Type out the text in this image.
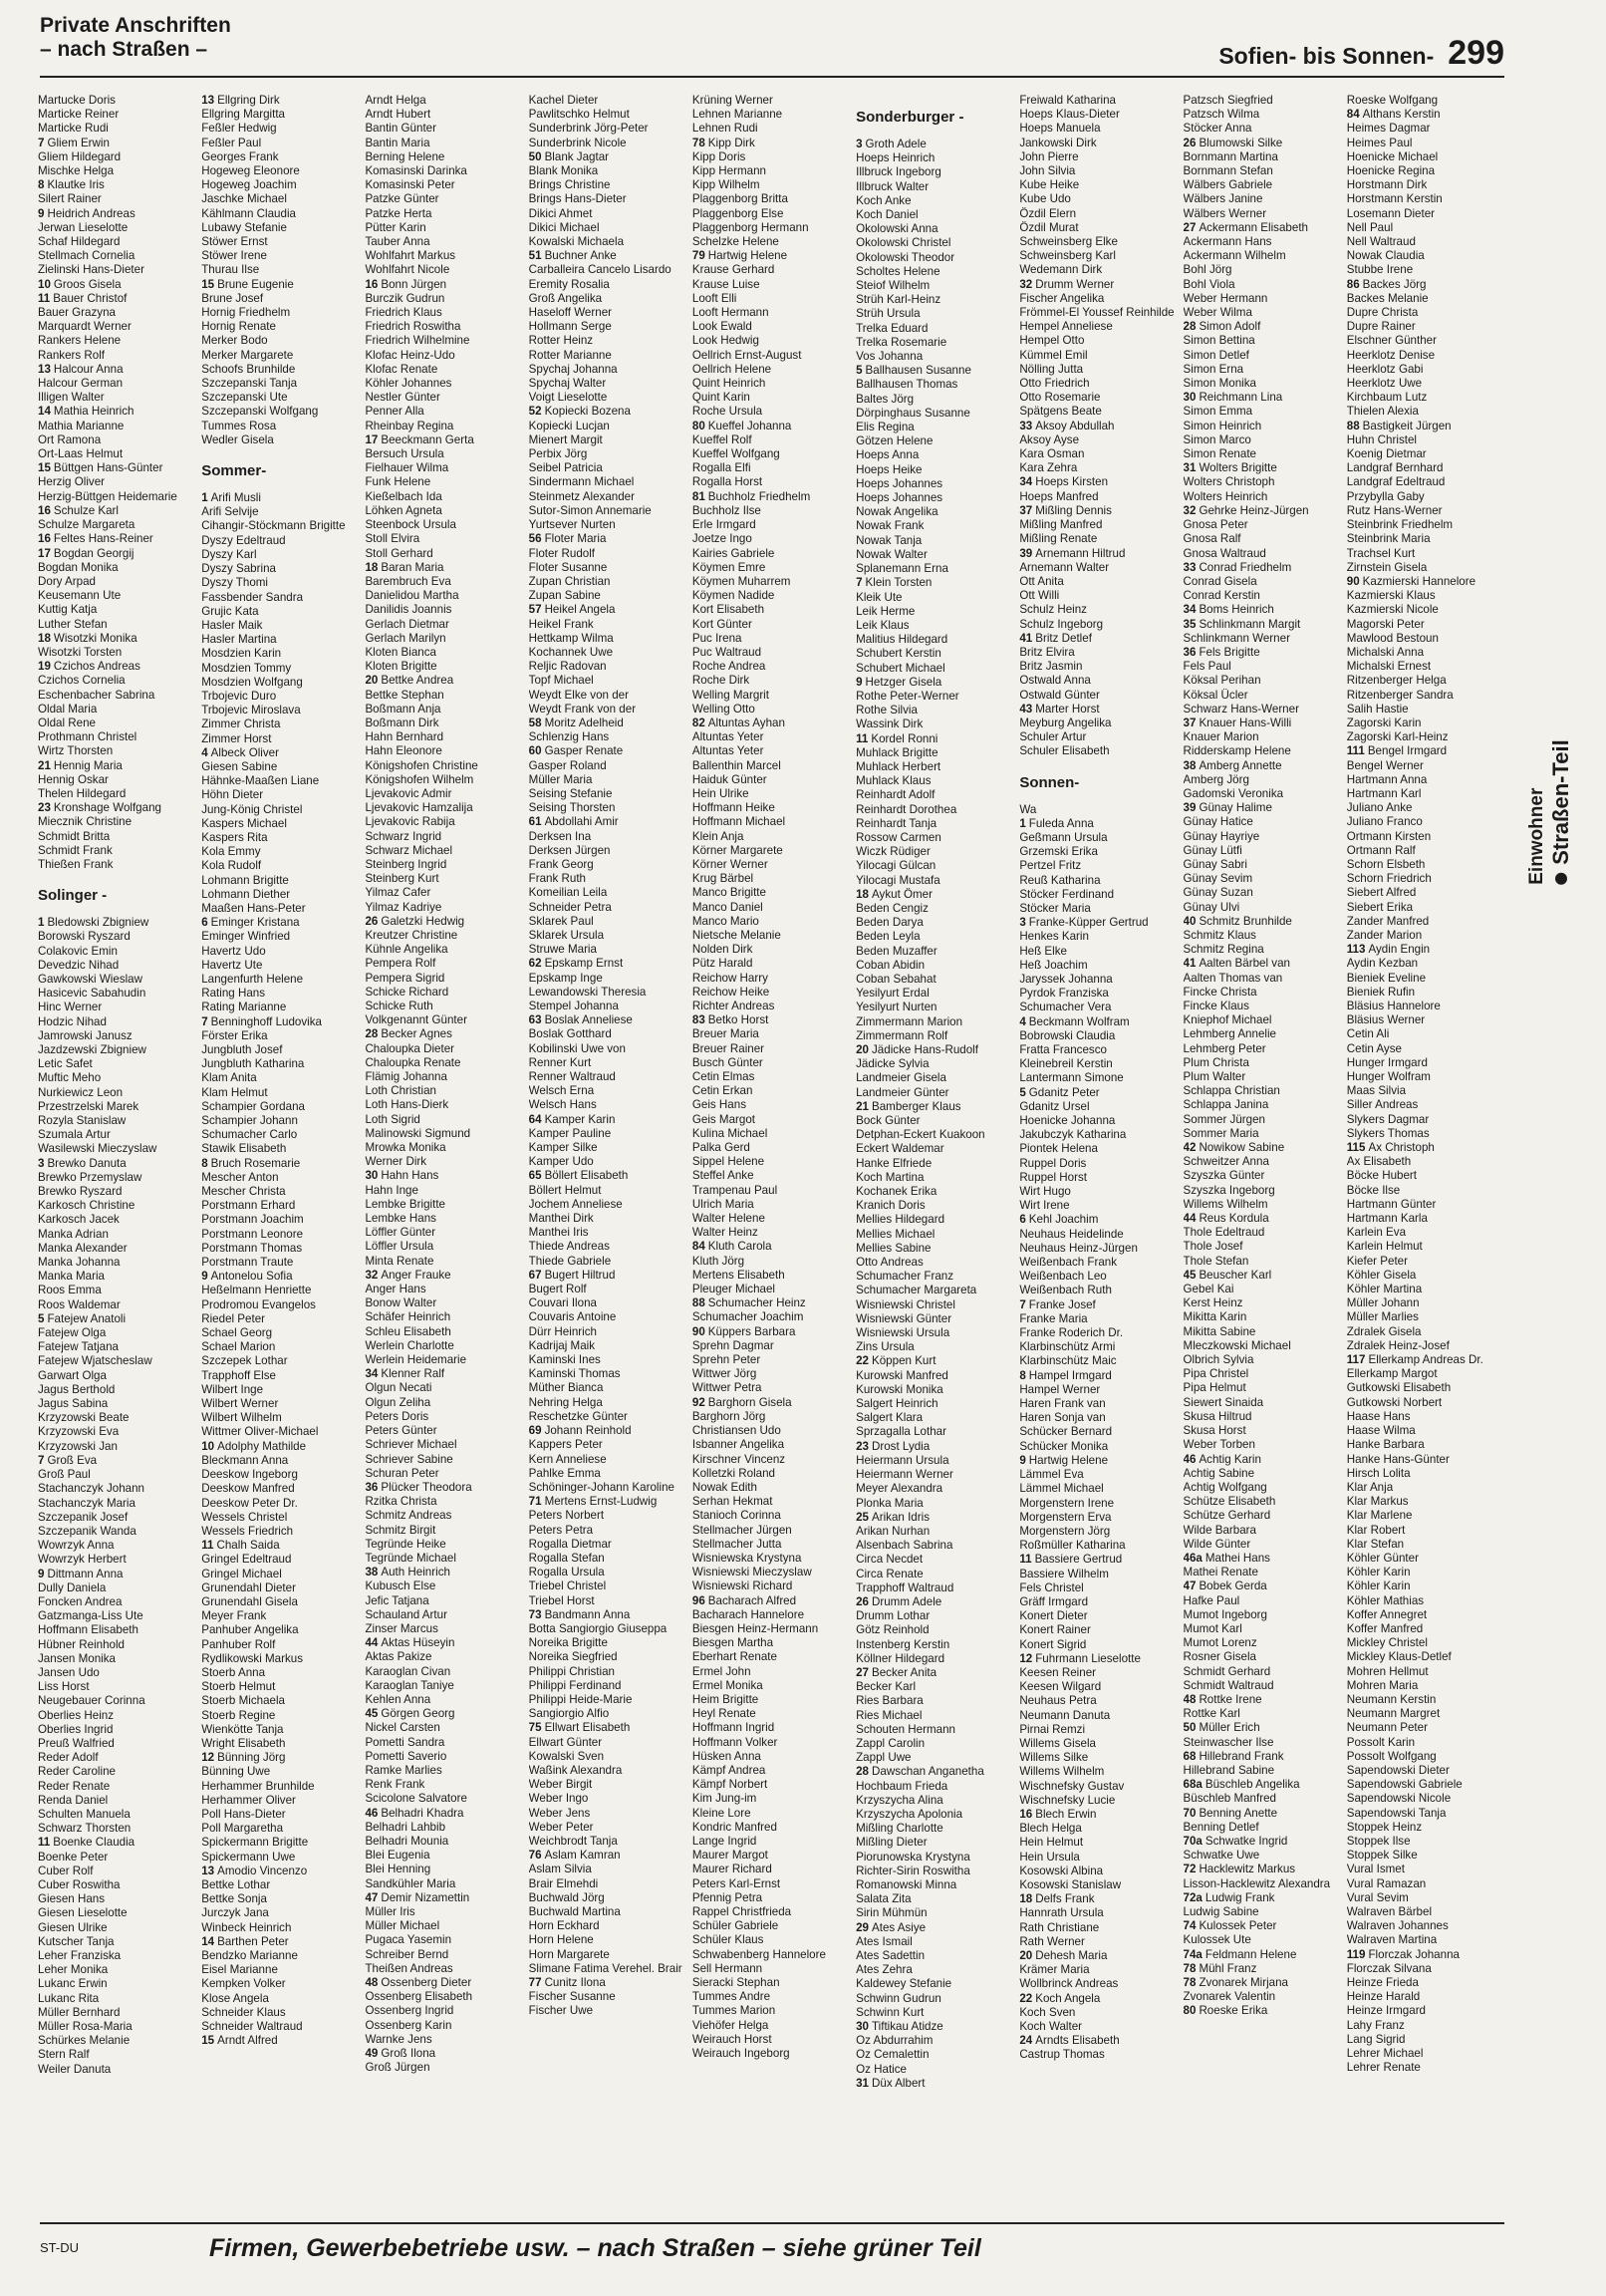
Private Anschriften
– nach Straßen –	Sofien- bis Sonnen- 299
Martucke Doris
Marticke Reiner
Marticke Rudi
7 Gliem Erwin
Gliem Hildegard
Mischke Helga
8 Klautke Iris
Silert Rainer
9 Heidrich Andreas
Jerwan Lieselotte
Schaf Hildegard
Stellmach Cornelia
Zielinski Hans-Dieter
10 Groos Gisela
11 Bauer Christof
Bauer Grazyna
Marquardt Werner
Rankers Helene
Rankers Rolf
13 Halcour Anna
Halcour German
Illigen Walter
14 Mathia Heinrich
Mathia Marianne
Ort Ramona
Ort-Laas Helmut
15 Büttgen Hans-Günter
Herzig Oliver
Herzig-Büttgen Heidemarie
16 Schulze Karl
Schulze Margareta
16 Feltes Hans-Reiner
17 Bogdan Georgij
Bogdan Monika
Dory Arpad
Keusemann Ute
Kuttig Katja
Luther Stefan
18 Wisotzki Monika
Wisotzki Torsten
19 Czichos Andreas
Czichos Cornelia
Eschenbacher Sabrina
Oldal Maria
Oldal Rene
Prothmann Christel
Wirtz Thorsten
21 Hennig Maria
Hennig Oskar
Thelen Hildegard
23 Kronshage Wolfgang
Miecznik Christine
Schmidt Britta
Schmidt Frank
Thießen Frank
Solinger -
1 Bledowski Zbigniew
Borowski Ryszard
Colakovic Emin
Devedzic Nihad
Gawkowski Wieslaw
Hasicevic Sabahudin
Hinc Werner
Hodzic Nihad
Jamrowski Janusz
Jazdzewski Zbigniew
Letic Safet
Muftic Meho
Nurkiewicz Leon
Przestrzelski Marek
Rozyla Stanislaw
Szumala Artur
Wasilewski Mieczyslaw
3 Brewko Danuta
Brewko Przemyslaw
Brewko Ryszard
Karkosch Christine
Karkosch Jacek
Manka Adrian
Manka Alexander
Manka Johanna
Manka Maria
Roos Emma
Roos Waldemar
5 Fatejew Anatoli
Fatejew Olga
Fatejew Tatjana
Fatejew Wjatscheslaw
Garwart Olga
Jagus Berthold
Jagus Sabina
Krzyzowski Beate
Krzyzowski Eva
Krzyzowski Jan
7 Groß Eva
Groß Paul
Stachanczyk Johann
Stachanczyk Maria
Szczepanik Josef
Szczepanik Wanda
Wowrzyk Anna
Wowrzyk Herbert
9 Dittmann Anna
Dully Daniela
Foncken Andrea
Gatzmanga-Liss Ute
Hoffmann Elisabeth
Hübner Reinhold
Jansen Monika
Jansen Udo
Liss Horst
Neugebauer Corinna
Oberlies Heinz
Oberlies Ingrid
Preuß Walfried
Reder Adolf
Reder Caroline
Reder Renate
Renda Daniel
Schulten Manuela
Schwarz Thorsten
11 Boenke Claudia
Boenke Peter
Cuber Rolf
Cuber Roswitha
Giesen Hans
Giesen Lieselotte
Giesen Ulrike
Kutscher Tanja
Leher Franziska
Leher Monika
Lukanc Erwin
Lukanc Rita
Müller Bernhard
Müller Rosa-Maria
Schürkes Melanie
Stern Ralf
Weiler Danuta
13 Ellgring Dirk
Ellgring Margitta
Feßler Hedwig
Feßler Paul
Georges Frank
Hogeweg Eleonore
Hogeweg Joachim
Jaschke Michael
Kählmann Claudia
Lubawy Stefanie
Stöwer Ernst
Stöwer Irene
Thurau Ilse
15 Brune Eugenie
Brune Josef
Hornig Friedhelm
Hornig Renate
Merker Bodo
Merker Margarete
Schoofs Brunhilde
Szczepanski Tanja
Szczepanski Ute
Szczepanski Wolfgang
Tummes Rosa
Wedler Gisela
Sommer-
1 Arifi Musli
Arifi Selvije
Cihangir-Stöckmann Brigitte
Dyszy Edeltraud
Dyszy Karl
Dyszy Sabrina
Dyszy Thomi
Fassbender Sandra
Grujic Kata
Hasler Maik
Hasler Martina
Mosdzien Karin
Mosdzien Tommy
Mosdzien Wolfgang
Trbojevic Duro
Trbojevic Miroslava
Zimmer Christa
Zimmer Horst
4 Albeck Oliver
Giesen Sabine
Hähnke-Maaßen Liane
Höhn Dieter
Jung-König Christel
Kaspers Michael
Kaspers Rita
Kola Emmy
Kola Rudolf
Lohmann Brigitte
Lohmann Diether
Maaßen Hans-Peter
6 Eminger Kristana
Eminger Winfried
Havertz Udo
Havertz Ute
Langenfurth Helene
Rating Hans
Rating Marianne
7 Benninghoff Ludovika
Förster Erika
Jungbluth Josef
Jungbluth Katharina
Klam Anita
Klam Helmut
Schampier Gordana
Schampier Johann
Schumacher Carlo
Stawik Elisabeth
8 Bruch Rosemarie
Mescher Anton
Mescher Christa
Porstmann Erhard
Porstmann Joachim
Porstmann Leonore
Porstmann Thomas
Porstmann Traute
9 Antonelou Sofia
Heßelmann Henriette
Prodromou Evangelos
Riedel Peter
Schael Georg
Schael Marion
Szczepek Lothar
Trapphoff Else
Wilbert Inge
Wilbert Werner
Wilbert Wilhelm
Wittmer Oliver-Michael
10 Adolphy Mathilde
Bleckmann Anna
Deeskow Ingeborg
Deeskow Manfred
Deeskow Peter Dr.
Wessels Christel
Wessels Friedrich
11 Chalh Saida
Gringel Edeltraud
Gringel Michael
Grunendahl Dieter
Grunendahl Gisela
Meyer Frank
Panhuber Angelika
Panhuber Rolf
Rydlikowski Markus
Stoerb Anna
Stoerb Helmut
Stoerb Michaela
Stoerb Regine
Wienkötte Tanja
Wright Elisabeth
12 Bünning Jörg
Bünning Uwe
Herhammer Brunhilde
Herhammer Oliver
Poll Hans-Dieter
Poll Margaretha
Spickermann Brigitte
Spickermann Uwe
13 Amodio Vincenzo
Bettke Lothar
Bettke Sonja
Jurczyk Jana
Winbeck Heinrich
14 Barthen Peter
Bendzko Marianne
Eisel Marianne
Kempken Volker
Klose Angela
Schneider Klaus
Schneider Waltraud
15 Arndt Alfred
Arndt Helga
Arndt Hubert
Bantin Günter
Bantin Maria
Berning Helene
Komasinski Darinka
Komasinski Peter
Patzke Günter
Patzke Herta
Pütter Karin
Tauber Anna
Wohlfahrt Markus
Wohlfahrt Nicole
16 Bonn Jürgen
Burczik Gudrun
Friedrich Klaus
Friedrich Roswitha
Friedrich Wilhelmine
Klofac Heinz-Udo
Klofac Renate
Köhler Johannes
Nestler Günter
Penner Alla
Rheinbay Regina
17 Beeckmann Gerta
Bersuch Ursula
Fielhauer Wilma
Funk Helene
Kießelbach Ida
Löhken Agneta
Steenbock Ursula
Stoll Elvira
Stoll Gerhard
18 Baran Maria
Barembruch Eva
Danielidou Martha
Danilidis Joannis
Gerlach Dietmar
Gerlach Marilyn
Kloten Bianca
Kloten Brigitte
20 Bettke Andrea
Bettke Stephan
Boßmann Anja
Boßmann Dirk
Hahn Bernhard
Hahn Eleonore
Königshofen Christine
Königshofen Wilhelm
Ljevakovic Admir
Ljevakovic Hamzalija
Ljevakovic Rabija
Schwarz Ingrid
Schwarz Michael
Steinberg Ingrid
Steinberg Kurt
Yilmaz Cafer
Yilmaz Kadriye
26 Galetzki Hedwig
Kreutzer Christine
Kühnle Angelika
Pempera Rolf
Pempera Sigrid
Schicke Richard
Schicke Ruth
Volkgenannt Günter
28 Becker Agnes
Chaloupka Dieter
Chaloupka Renate
Flämig Johanna
Loth Christian
Loth Hans-Dierk
Loth Sigrid
Malinowski Sigmund
Mrowka Monika
Werner Dirk
30 Hahn Hans
Hahn Inge
Lembke Brigitte
Lembke Hans
Löffler Günter
Löffler Ursula
Minta Renate
32 Anger Frauke
Anger Hans
Bonow Walter
Schäfer Heinrich
Schleu Elisabeth
Werlein Charlotte
Werlein Heidemarie
34 Klenner Ralf
Olgun Necati
Olgun Zeliha
Peters Doris
Peters Günter
Schriever Michael
Schriever Sabine
Schuran Peter
36 Plücker Theodora
Rzitka Christa
Schmitz Andreas
Schmitz Birgit
Tegründe Heike
Tegründe Michael
38 Auth Heinrich
Kubusch Else
Jefic Tatjana
Schauland Artur
Zinser Marcus
44 Aktas Hüseyin
Aktas Pakize
Karaoglan Civan
Karaoglan Taniye
Kehlen Anna
45 Görgen Georg
Nickel Carsten
Pometti Sandra
Pometti Saverio
Ramke Marlies
Renk Frank
Scicolone Salvatore
46 Belhadri Khadra
Belhadri Lahbib
Belhadri Mounia
Blei Eugenia
Blei Henning
Sandkühler Maria
47 Demir Nizamettin
Müller Iris
Müller Michael
Pugaca Yasemin
Schreiber Bernd
Theißen Andreas
48 Ossenberg Dieter
Ossenberg Elisabeth
Ossenberg Ingrid
Ossenberg Karin
Warnke Jens
49 Groß Ilona
Groß Jürgen
Kachel Dieter
Pawlitschko Helmut
Sunderbrink Jörg-Peter
Sunderbrink Nicole
50 Blank Jagtar
Blank Monika
Brings Christine
Brings Hans-Dieter
Dikici Ahmet
Dikici Michael
Kowalski Michaela
51 Buchner Anke
Carballeira Cancelo Lisardo
Eremity Rosalia
Groß Angelika
Haseloff Werner
Hollmann Serge
Rotter Heinz
Rotter Marianne
Spychaj Johanna
Spychaj Walter
Voigt Lieselotte
52 Kopiecki Bozena
Kopiecki Lucjan
Mienert Margit
Perbix Jörg
Seibel Patricia
Sindermann Michael
Steinmetz Alexander
Sutor-Simon Annemarie
Yurtsever Nurten
56 Floter Maria
Floter Rudolf
Floter Susanne
Zupan Christian
Zupan Sabine
57 Heikel Angela
Heikel Frank
Hettkamp Wilma
Kochannek Uwe
Reljic Radovan
Topf Michael
Weydt Elke von der
Weydt Frank von der
58 Moritz Adelheid
Schlenzig Hans
60 Gasper Renate
Gasper Roland
Müller Maria
Seising Stefanie
Seising Thorsten
61 Abdollahi Amir
Derksen Ina
Derksen Jürgen
Frank Georg
Frank Ruth
Komeilian Leila
Schneider Petra
Sklarek Paul
Sklarek Ursula
Struwe Maria
62 Epskamp Ernst
Epskamp Inge
Lewandowski Theresia
Stempel Johanna
63 Boslak Anneliese
Boslak Gotthard
Kobilinski Uwe von
Renner Kurt
Renner Waltraud
Welsch Erna
Welsch Hans
64 Kamper Karin
Kamper Pauline
Kamper Silke
Kamper Udo
65 Böllert Elisabeth
Böllert Helmut
Jochem Anneliese
Manthei Dirk
Manthei Iris
Thiede Andreas
Thiede Gabriele
67 Bugert Hiltrud
Bugert Rolf
Couvari Ilona
Couvaris Antoine
Dürr Heinrich
Kadrijaj Maik
Kaminski Ines
Kaminski Thomas
Müther Bianca
Nehring Helga
Reschetzke Günter
69 Johann Reinhold
Kappers Peter
Kern Anneliese
Pahlke Emma
Schöninger-Johann Karoline
71 Mertens Ernst-Ludwig
Peters Norbert
Peters Petra
Rogalla Dietmar
Rogalla Stefan
Rogalla Ursula
Triebel Christel
Triebel Horst
73 Bandmann Anna
Botta Sangiorgio Giuseppa
Noreika Brigitte
Noreika Siegfried
Philippi Christian
Philippi Ferdinand
Philippi Heide-Marie
Sangiorgio Alfio
75 Ellwart Elisabeth
Ellwart Günter
Kowalski Sven
Waßink Alexandra
Weber Birgit
Weber Ingo
Weber Jens
Weber Peter
Weichbrodt Tanja
76 Aslam Kamran
Aslam Silvia
Brair Elmehdi
Buchwald Jörg
Buchwald Martina
Horn Eckhard
Horn Helene
Horn Margarete
Slimane Fatima Verehel. Brair
77 Cunitz Ilona
Fischer Susanne
Fischer Uwe
Krüning Werner
Lehnen Marianne
Lehnen Rudi
78 Kipp Dirk
Kipp Doris
Kipp Hermann
Kipp Wilhelm
Plaggenborg Britta
Plaggenborg Else
Plaggenborg Hermann
Schelzke Helene
79 Hartwig Helene
Krause Gerhard
Krause Luise
Looft Elli
Looft Hermann
Look Ewald
Look Hedwig
Oellrich Ernst-August
Oellrich Helene
Quint Heinrich
Quint Karin
Roche Ursula
80 Kueffel Johanna
Kueffel Rolf
Kueffel Wolfgang
Rogalla Elfi
Rogalla Horst
81 Buchholz Friedhelm
Buchholz Ilse
Erle Irmgard
Joetze Ingo
Kairies Gabriele
Köymen Emre
Köymen Muharrem
Köymen Nadide
Kort Elisabeth
Kort Günter
Puc Irena
Puc Waltraud
Roche Andrea
Roche Dirk
Welling Margrit
Welling Otto
82 Altuntas Ayhan
Altuntas Yeter
Altuntas Yeter
Ballenthin Marcel
Haiduk Günter
Hein Ulrike
Hoffmann Heike
Hoffmann Michael
Klein Anja
Körner Margarete
Körner Werner
Krug Bärbel
Manco Brigitte
Manco Daniel
Manco Mario
Nietsche Melanie
Nolden Dirk
Pütz Harald
Reichow Harry
Reichow Heike
Richter Andreas
83 Betko Horst
Breuer Maria
Breuer Rainer
Busch Günter
Cetin Elmas
Cetin Erkan
Geis Hans
Geis Margot
Kulina Michael
Palka Gerd
Sippel Helene
Steffel Anke
Trampenau Paul
Ulrich Maria
Walter Helene
Walter Heinz
84 Kluth Carola
Kluth Jörg
Mertens Elisabeth
Pleuger Michael
88 Schumacher Heinz
Schumacher Joachim
90 Küppers Barbara
Sprehn Dagmar
Sprehn Peter
Wittwer Jörg
Wittwer Petra
92 Barghorn Gisela
Barghorn Jörg
Christiansen Udo
Isbanner Angelika
Kirschner Vincenz
Kolletzki Roland
Nowak Edith
Serhan Hekmat
Stanioch Corinna
Stellmacher Jürgen
Stellmacher Jutta
Wisniewska Krystyna
Wisniewski Mieczyslaw
Wisniewski Richard
96 Bacharach Alfred
Bacharach Hannelore
Biesgen Heinz-Hermann
Biesgen Martha
Eberhart Renate
Ermel John
Ermel Monika
Heim Brigitte
Heyl Renate
Hoffmann Ingrid
Hoffmann Volker
Hüsken Anna
Kämpf Andrea
Kämpf Norbert
Kim Jung-im
Kleine Lore
Kondric Manfred
Lange Ingrid
Maurer Margot
Maurer Richard
Peters Karl-Ernst
Pfennig Petra
Rappel Christfrieda
Schüler Gabriele
Schüler Klaus
Schwabenberg Hannelore
Sell Hermann
Sieracki Stephan
Tummes Andre
Tummes Marion
Viehöfer Helga
Weirauch Horst
Weirauch Ingeborg
Sonderburger -
3 Groth Adele
Hoeps Heinrich
Illbruck Ingeborg
Illbruck Walter
Koch Anke
Koch Daniel
Okolowski Anna
Okolowski Christel
Okolowski Theodor
Scholtes Helene
Steiof Wilhelm
Strüh Karl-Heinz
Strüh Ursula
Trelka Eduard
Trelka Rosemarie
Vos Johanna
5 Ballhausen Susanne
Ballhausen Thomas
Baltes Jörg
Dörpinghaus Susanne
Elis Regina
Götzen Helene
Hoeps Anna
Hoeps Heike
Hoeps Johannes
Hoeps Johannes
Nowak Angelika
Nowak Frank
Nowak Tanja
Nowak Walter
Splanemann Erna
7 Klein Torsten
Kleik Ute
Leik Herme
Leik Klaus
Malitius Hildegard
Schubert Kerstin
Schubert Michael
9 Hetzger Gisela
Rothe Peter-Werner
Rothe Silvia
Wassink Dirk
11 Kordel Ronni
Muhlack Brigitte
Muhlack Herbert
Muhlack Klaus
Reinhardt Adolf
Reinhardt Dorothea
Reinhardt Tanja
Rossow Carmen
Wiczk Rüdiger
Yilocagi Gülcan
Yilocagi Mustafa
18 Aykut Ömer
Beden Cengiz
Beden Darya
Beden Leyla
Beden Muzaffer
Coban Abidin
Coban Sebahat
Yesilyurt Erdal
Yesilyurt Nurten
Zimmermann Marion
Zimmermann Rolf
20 Jädicke Hans-Rudolf
Jädicke Sylvia
Landmeier Gisela
Landmeier Günter
21 Bamberger Klaus
Bock Günter
Detphan-Eckert Kuakoon
Eckert Waldemar
Hanke Elfriede
Koch Martina
Kochanek Erika
Kranich Doris
Mellies Hildegard
Mellies Michael
Mellies Sabine
Otto Andreas
Schumacher Franz
Schumacher Margareta
Wisniewski Christel
Wisniewski Günter
Wisniewski Ursula
Zins Ursula
22 Köppen Kurt
Kurowski Manfred
Kurowski Monika
Salgert Heinrich
Salgert Klara
Sprzagalla Lothar
23 Drost Lydia
Heiermann Ursula
Heiermann Werner
Meyer Alexandra
Plonka Maria
25 Arikan Idris
Arikan Nurhan
Alsenbach Sabrina
Circa Necdet
Circa Renate
Trapphoff Waltraud
26 Drumm Adele
Drumm Lothar
Götz Reinhold
Instenberg Kerstin
Köllner Hildegard
27 Becker Anita
Becker Karl
Ries Barbara
Ries Michael
Schouten Hermann
Zappl Carolin
Zappl Uwe
28 Dawschan Anganetha
Hochbaum Frieda
Krzyszycha Alina
Krzyszycha Apolonia
Mißling Charlotte
Mißling Dieter
Piorunowska Krystyna
Richter-Sirin Roswitha
Romanowski Minna
Salata Zita
Sirin Mühmün
29 Ates Asiye
Ates Ismail
Ates Sadettin
Ates Zehra
Kaldewey Stefanie
Schwinn Gudrun
Schwinn Kurt
30 Tiftikau Atidze
Oz Abdurrahim
Oz Cemalettin
Oz Hatice
31 Düx Albert
Freiwald Katharina
Hoeps Klaus-Dieter
Hoeps Manuela
Jankowski Dirk
John Pierre
John Silvia
Kube Heike
Kube Udo
Özdil Elern
Özdil Murat
Schweinsberg Elke
Schweinsberg Karl
Wedemann Dirk
32 Drumm Werner
Fischer Angelika
Frömmel-El Youssef Reinhilde
Hempel Anneliese
Hempel Otto
Kümmel Emil
Nölling Jutta
Otto Friedrich
Otto Rosemarie
Spätgens Beate
33 Aksoy Abdullah
Aksoy Ayse
Kara Osman
Kara Zehra
34 Hoeps Kirsten
Hoeps Manfred
37 Mißling Dennis
Mißling Manfred
Mißling Renate
39 Arnemann Hiltrud
Arnemann Walter
Ott Anita
Ott Willi
Schulz Heinz
Schulz Ingeborg
41 Britz Detlef
Britz Elvira
Britz Jasmin
Ostwald Anna
Ostwald Günter
43 Marter Horst
Meyburg Angelika
Schuler Artur
Schuler Elisabeth
Sonnen-
Wa
1 Fuleda Anna
Geßmann Ursula
Grzemski Erika
Pertzel Fritz
Reuß Katharina
Stöcker Ferdinand
Stöcker Maria
3 Franke-Küpper Gertrud
Henkes Karin
Heß Elke
Heß Joachim
Jaryssek Johanna
Pyrdok Franziska
Schumacher Vera
4 Beckmann Wolfram
Bobrowski Claudia
Fratta Francesco
Kleinebreil Kerstin
Lantermann Simone
5 Gdanitz Peter
Gdanitz Ursel
Hoenicke Johanna
Jakubczyk Katharina
Piontek Helena
Ruppel Doris
Ruppel Horst
Wirt Hugo
Wirt Irene
6 Kehl Joachim
Neuhaus Heidelinde
Neuhaus Heinz-Jürgen
Weißenbach Frank
Weißenbach Leo
Weißenbach Ruth
7 Franke Josef
Franke Maria
Franke Roderich Dr.
Klarbinschütz Armi
Klarbinschütz Maic
8 Hampel Irmgard
Hampel Werner
Haren Frank van
Haren Sonja van
Schücker Bernard
Schücker Monika
9 Hartwig Helene
Lämmel Eva
Lämmel Michael
Morgenstern Irene
Morgenstern Erva
Morgenstern Jörg
Roßmüller Katharina
11 Bassiere Gertrud
Bassiere Wilhelm
Fels Christel
Gräff Irmgard
Konert Dieter
Konert Rainer
Konert Sigrid
12 Fuhrmann Lieselotte
Keesen Reiner
Keesen Wilgard
Neuhaus Petra
Neumann Danuta
Pirnai Remzi
Willems Gisela
Willems Silke
Willems Wilhelm
Wischnefsky Gustav
Wischnefsky Lucie
16 Blech Erwin
Blech Helga
Hein Helmut
Hein Ursula
Kosowski Albina
Kosowski Stanislaw
18 Delfs Frank
Hannrath Ursula
Rath Christiane
Rath Werner
20 Dehesh Maria
Krämer Maria
Wollbrinck Andreas
22 Koch Angela
Koch Sven
Koch Walter
24 Arndts Elisabeth
Castrup Thomas
Patzsch Siegfried
Patzsch Wilma
Stöcker Anna
26 Blumowski Silke
Bornmann Martina
Bornmann Stefan
Wälbers Gabriele
Wälbers Janine
Wälbers Werner
27 Ackermann Elisabeth
Ackermann Hans
Ackermann Wilhelm
Bohl Jörg
Bohl Viola
Weber Hermann
Weber Wilma
28 Simon Adolf
Simon Bettina
Simon Detlef
Simon Erna
Simon Monika
30 Reichmann Lina
Simon Emma
Simon Heinrich
Simon Marco
Simon Renate
31 Wolters Brigitte
Wolters Christoph
Wolters Heinrich
32 Gehrke Heinz-Jürgen
Gnosa Peter
Gnosa Ralf
Gnosa Waltraud
33 Conrad Friedhelm
Conrad Gisela
Conrad Kerstin
34 Boms Heinrich
35 Schlinkmann Margit
Schlinkmann Werner
36 Fels Brigitte
Fels Paul
Köksal Perihan
Köksal Ücler
Schwarz Hans-Werner
37 Knauer Hans-Willi
Knauer Marion
Ridderskamp Helene
38 Amberg Annette
Amberg Jörg
Gadomski Veronika
39 Günay Halime
Günay Hatice
Günay Hayriye
Günay Lütfi
Günay Sabri
Günay Sevim
Günay Suzan
Günay Ulvi
40 Schmitz Brunhilde
Schmitz Klaus
Schmitz Regina
41 Aalten Bärbel van
Aalten Thomas van
Fincke Christa
Fincke Klaus
Kniephof Michael
Lehmberg Annelie
Lehmberg Peter
Plum Christa
Plum Walter
Schlappa Christian
Schlappa Janina
Sommer Jürgen
Sommer Maria
42 Nowikow Sabine
Schweitzer Anna
Szyszka Günter
Szyszka Ingeborg
Willems Wilhelm
44 Reus Kordula
Thole Edeltraud
Thole Josef
Thole Stefan
45 Beuscher Karl
Gebel Kai
Kerst Heinz
Mikitta Karin
Mikitta Sabine
Mleczkowski Michael
Olbrich Sylvia
Pipa Christel
Pipa Helmut
Siewert Sinaida
Skusa Hiltrud
Skusa Horst
Weber Torben
46 Achtig Karin
Achtig Sabine
Achtig Wolfgang
Schütze Elisabeth
Schütze Gerhard
Wilde Barbara
Wilde Günter
46a Mathei Hans
Mathei Renate
47 Bobek Gerda
Hafke Paul
Mumot Ingeborg
Mumot Karl
Mumot Lorenz
Rosner Gisela
Schmidt Gerhard
Schmidt Waltraud
48 Rottke Irene
Rottke Karl
50 Müller Erich
Steinwascher Ilse
68 Hillebrand Frank
Hillebrand Sabine
68a Büschleb Angelika
Büschleb Manfred
70 Benning Anette
Benning Detlef
70a Schwatke Ingrid
Schwatke Uwe
72 Hacklewitz Markus
Lisson-Hacklewitz Alexandra
72a Ludwig Frank
Ludwig Sabine
74 Kulossek Peter
Kulossek Ute
74a Feldmann Helene
78 Mühl Franz
78 Zvonarek Mirjana
Zvonarek Valentin
80 Roeske Erika
Roeske Wolfgang
84 Althans Kerstin
Heimes Dagmar
Heimes Paul
Hoenicke Michael
Hoenicke Regina
Horstmann Dirk
Horstmann Kerstin
Losemann Dieter
Nell Paul
Nell Waltraud
Nowak Claudia
Stubbe Irene
86 Backes Jörg
Backes Melanie
Dupre Christa
Dupre Rainer
Elschner Günther
Heerklotz Denise
Heerklotz Gabi
Heerklotz Uwe
Kirchbaum Lutz
Thielen Alexia
88 Bastigkeit Jürgen
Huhn Christel
Koenig Dietmar
Landgraf Bernhard
Landgraf Edeltraud
Przybylla Gaby
Rutz Hans-Werner
Steinbrink Friedhelm
Steinbrink Maria
Trachsel Kurt
Zirnstein Gisela
90 Kazmierski Hannelore
Kazmierski Klaus
Kazmierski Nicole
Magorski Peter
Mawlood Bestoun
Michalski Anna
Michalski Ernest
Ritzenberger Helga
Ritzenberger Sandra
Salih Hastie
Zagorski Karin
Zagorski Karl-Heinz
111 Bengel Irmgard
Bengel Werner
Hartmann Anna
Hartmann Karl
Juliano Anke
Juliano Franco
Ortmann Kirsten
Ortmann Ralf
Schorn Elsbeth
Schorn Friedrich
Siebert Alfred
Siebert Erika
Zander Manfred
Zander Marion
113 Aydin Engin
Aydin Kezban
Bieniek Eveline
Bieniek Rufin
Bläsius Hannelore
Bläsius Werner
Cetin Ali
Cetin Ayse
Hunger Irmgard
Hunger Wolfram
Maas Silvia
Siller Andreas
Slykers Dagmar
Slykers Thomas
115 Ax Christoph
Ax Elisabeth
Böcke Hubert
Böcke Ilse
Hartmann Günter
Hartmann Karla
Karlein Eva
Karlein Helmut
Kiefer Peter
Köhler Gisela
Köhler Martina
Müller Johann
Müller Marlies
Zdralek Gisela
Zdralek Heinz-Josef
117 Ellerkamp Andreas Dr.
Ellerkamp Margot
Gutkowski Elisabeth
Gutkowski Norbert
Haase Hans
Haase Wilma
Hanke Barbara
Hanke Hans-Günter
Hirsch Lolita
Klar Anja
Klar Markus
Klar Marlene
Klar Robert
Klar Stefan
Köhler Günter
Köhler Karin
Köhler Karin
Köhler Mathias
Koffer Annegret
Koffer Manfred
Mickley Christel
Mickley Klaus-Detlef
Mohren Hellmut
Mohren Maria
Neumann Kerstin
Neumann Margret
Neumann Peter
Possolt Karin
Possolt Wolfgang
Sapendowski Dieter
Sapendowski Gabriele
Sapendowski Nicole
Sapendowski Tanja
Stoppek Heinz
Stoppek Ilse
Stoppek Silke
Vural Ismet
Vural Ramazan
Vural Sevim
Walraven Bärbel
Walraven Johannes
Walraven Martina
119 Florczak Johanna
Florczak Silvana
Heinze Frieda
Heinze Harald
Heinze Irmgard
Lahy Franz
Lang Sigrid
Lehrer Michael
Lehrer Renate
Einwohner Straßen-Teil
ST-DU	Firmen, Gewerbebetriebe usw. – nach Straßen – siehe grüner Teil
